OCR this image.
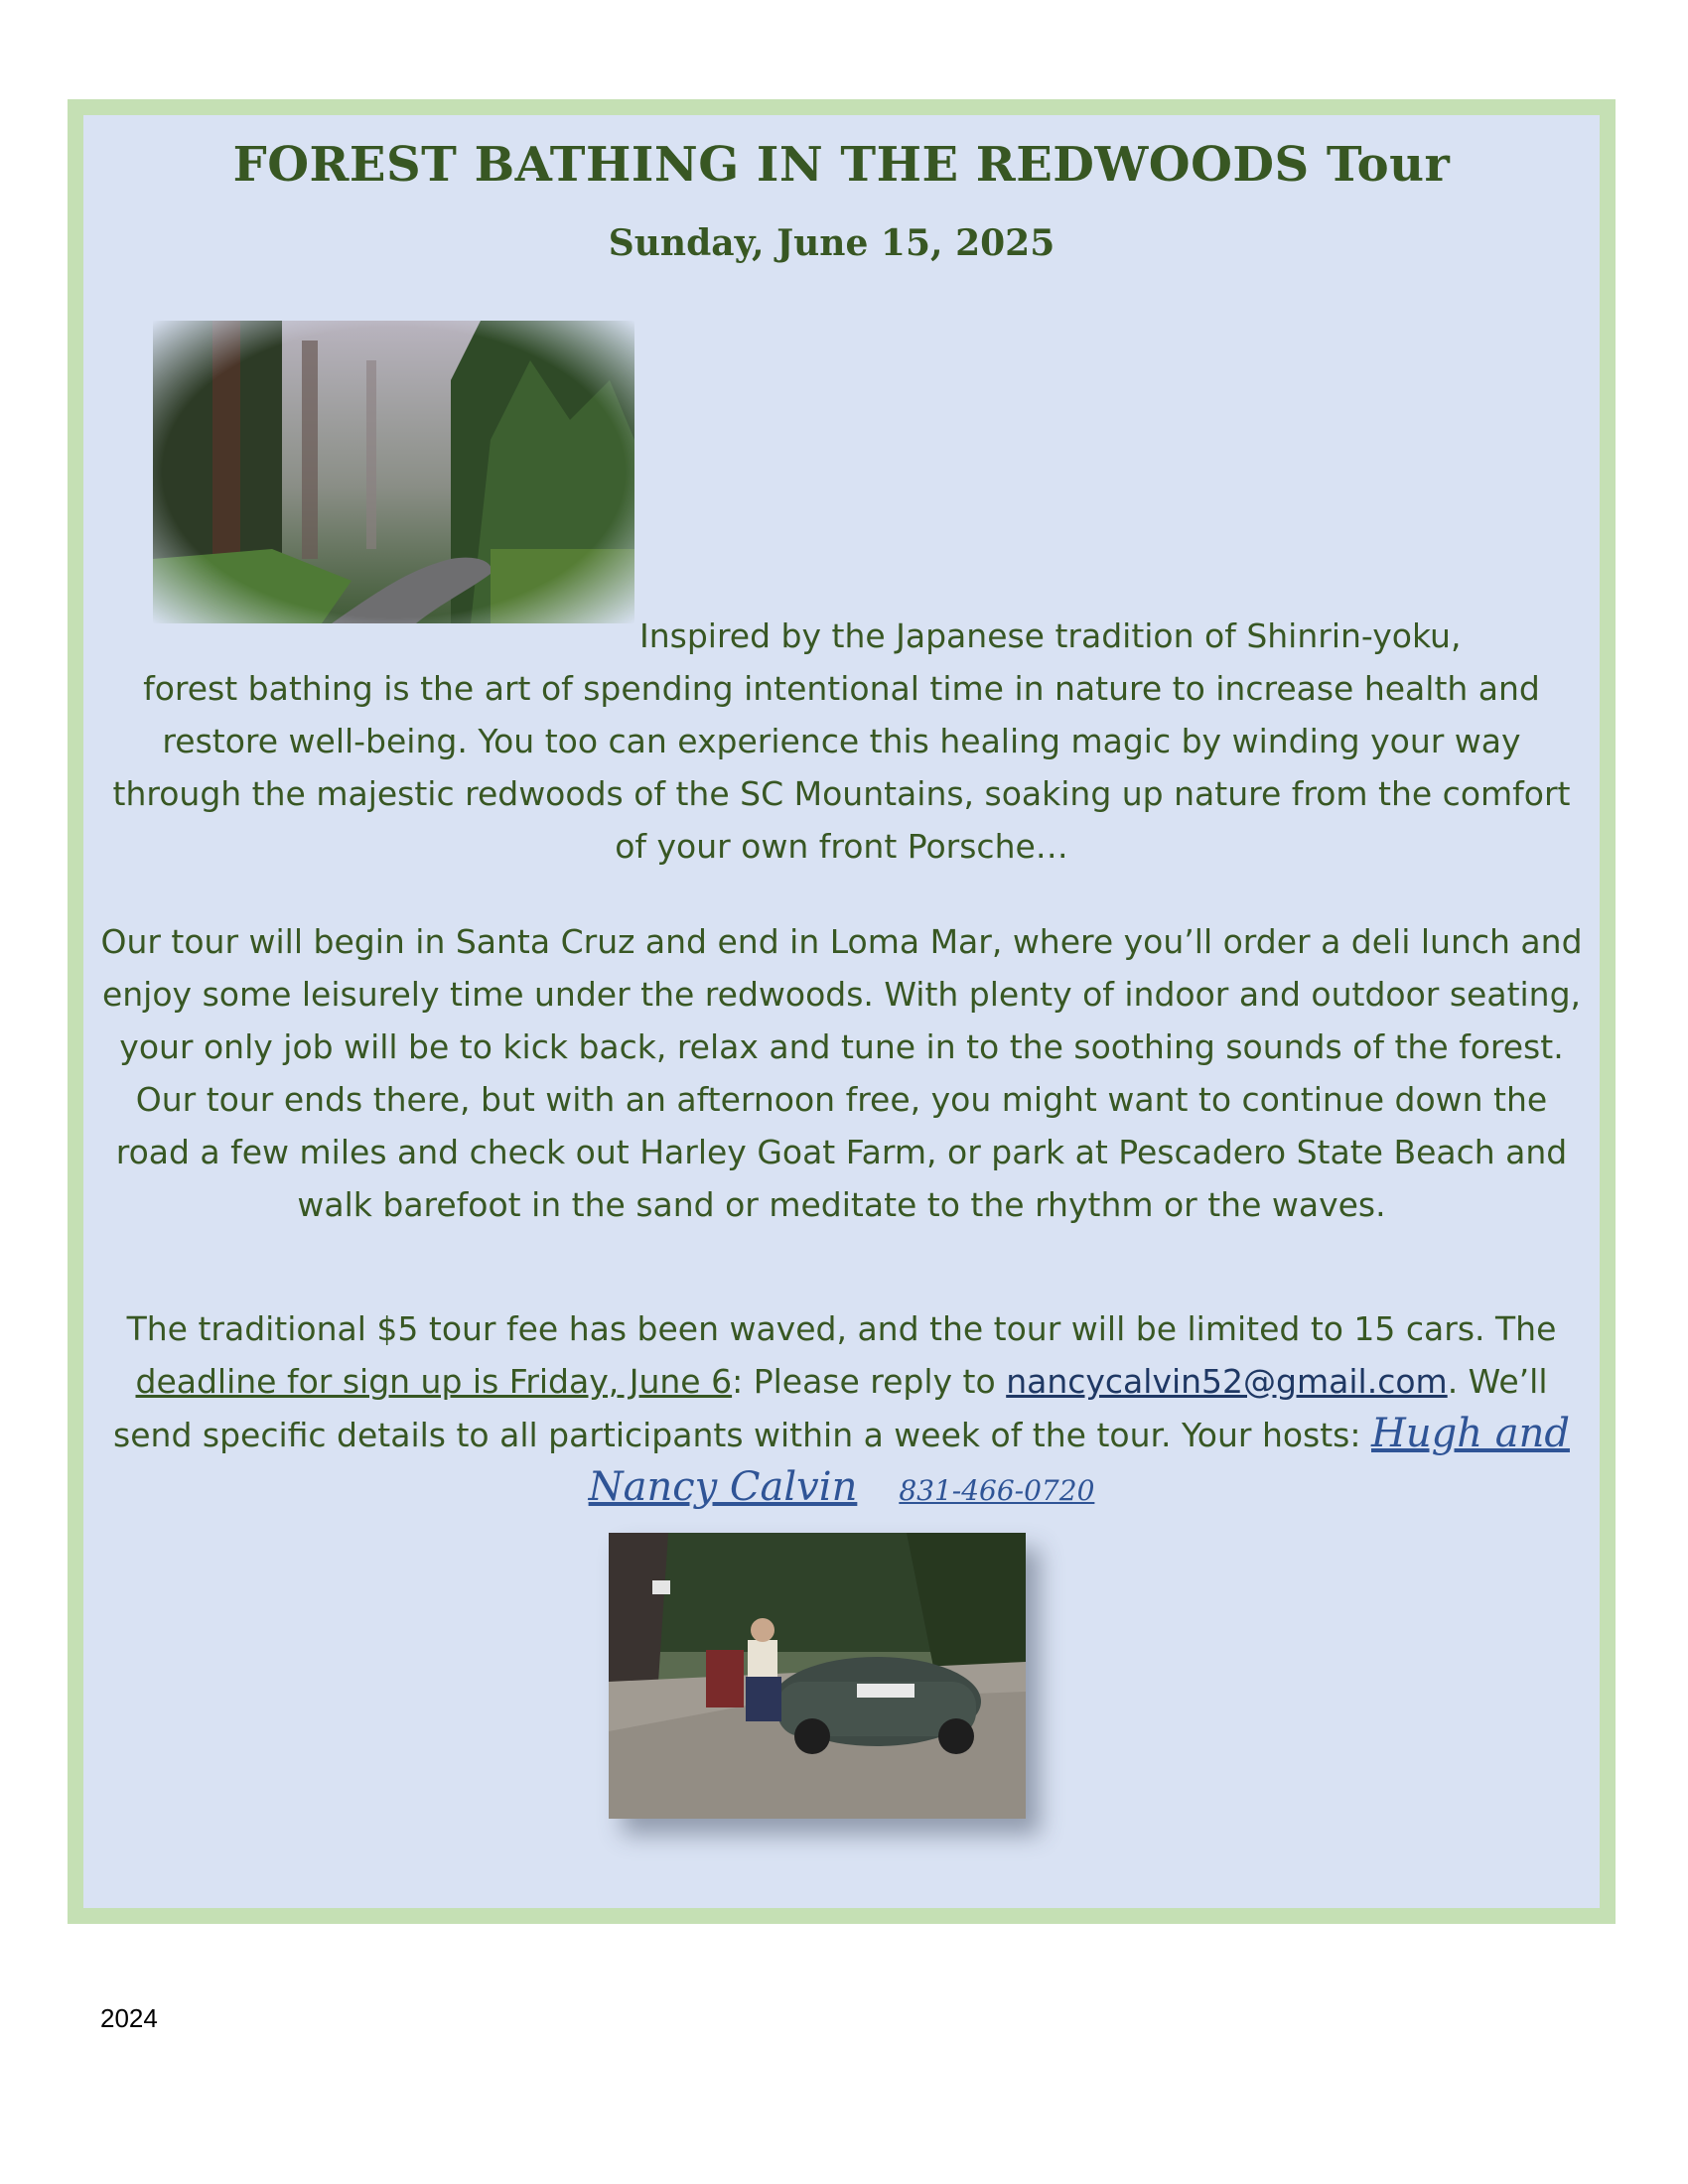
FOREST BATHING IN THE REDWOODS Tour
Sunday, June 15, 2025

Inspired by the Japanese tradition of Shinrin-yoku,

forest bathing is the art of spending intentional time in nature to increase health and restore well-being. You too can experience this healing magic by winding your way through the majestic redwoods of the SC Mountains, soaking up nature from the comfort of your own front Porsche…

Our tour will begin in Santa Cruz and end in Loma Mar, where you’ll order a deli lunch and enjoy some leisurely time under the redwoods. With plenty of indoor and outdoor seating, your only job will be to kick back, relax and tune in to the soothing sounds of the forest. Our tour ends there, but with an afternoon free, you might want to continue down the road a few miles and check out Harley Goat Farm, or park at Pescadero State Beach and walk barefoot in the sand or meditate to the rhythm or the waves.

The traditional $5 tour fee has been waved, and the tour will be limited to 15 cars. The deadline for sign up is Friday, June 6: Please reply to nancycalvin52@gmail.com. We’ll send specific details to all participants within a week of the tour. Your hosts: Hugh and Nancy Calvin 831-466-0720

2024
